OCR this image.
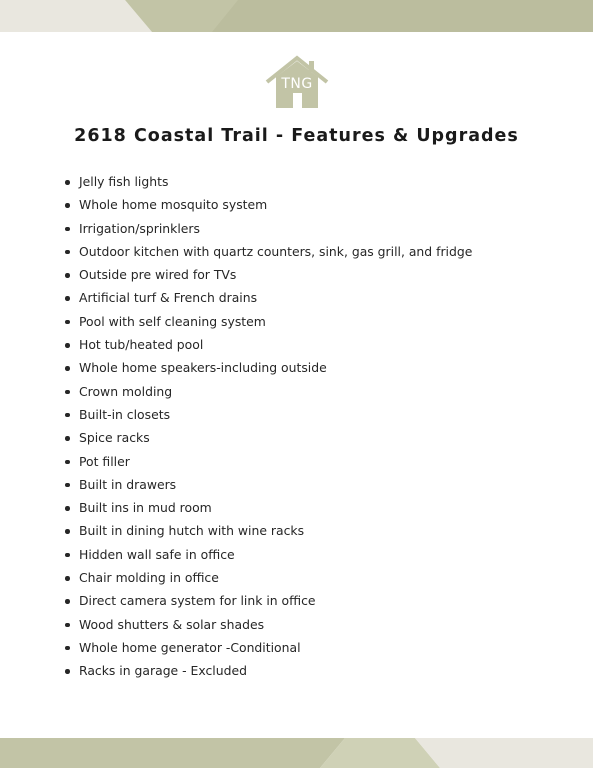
TNG
2618 Coastal Trail - Features & Upgrades
Jelly fish lights
Whole home mosquito system
Irrigation/sprinklers
Outdoor kitchen with quartz counters, sink, gas grill, and fridge
Outside pre wired for TVs
Artificial turf & French drains
Pool with self cleaning system
Hot tub/heated pool
Whole home speakers-including outside
Crown molding
Built-in closets
Spice racks
Pot filler
Built in drawers
Built ins in mud room
Built in dining hutch with wine racks
Hidden wall safe in office
Chair molding in office
Direct camera system for link in office
Wood shutters & solar shades
Whole home generator -Conditional
Racks in garage - Excluded
